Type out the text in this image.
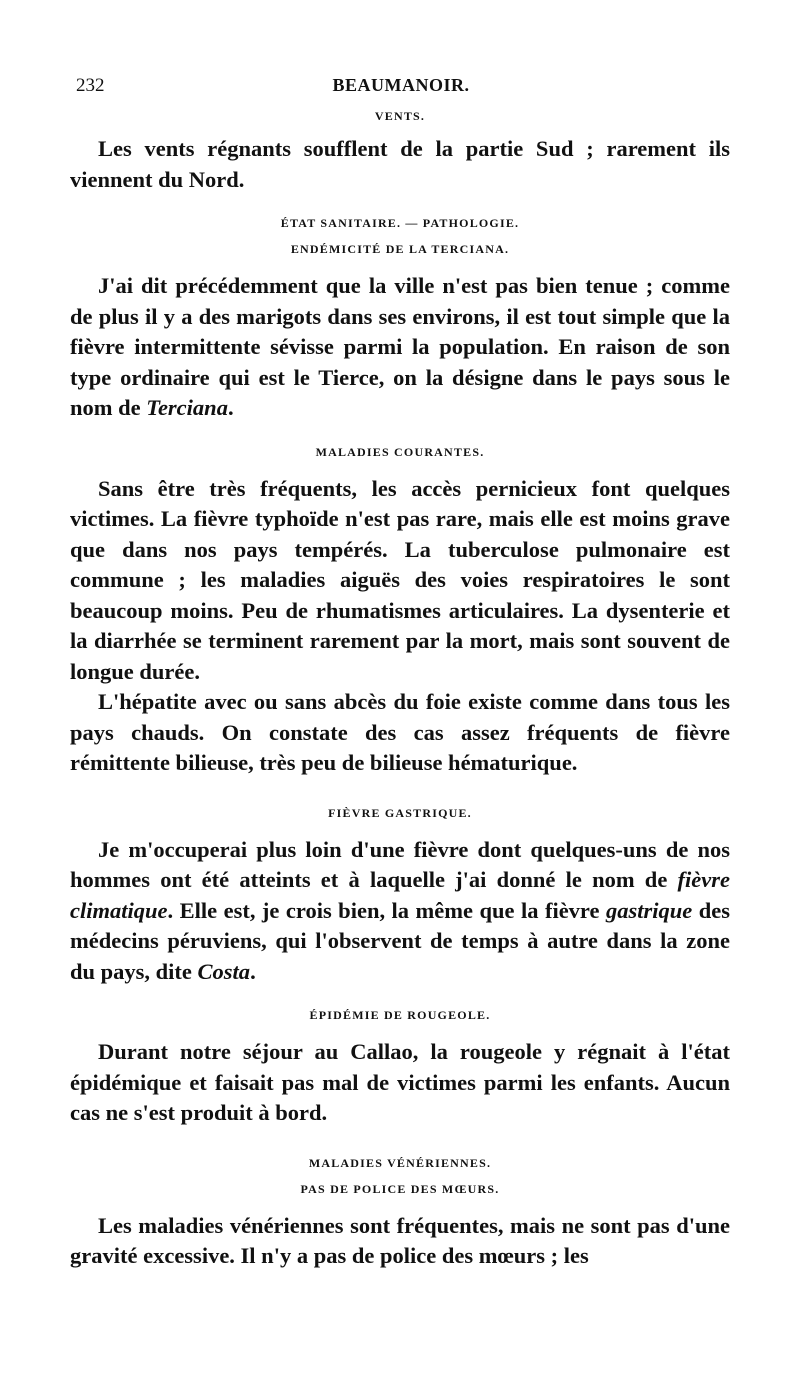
232	BEAUMANOIR.

VENTS.

Les vents régnants soufflent de la partie Sud ; rarement ils viennent du Nord.

ÉTAT SANITAIRE. — PATHOLOGIE.

ENDÉMICITÉ DE LA TERCIANA.

J'ai dit précédemment que la ville n'est pas bien tenue ; comme de plus il y a des marigots dans ses environs, il est tout simple que la fièvre intermittente sévisse parmi la population. En raison de son type ordinaire qui est le Tierce, on la désigne dans le pays sous le nom de Terciana.

MALADIES COURANTES.

Sans être très fréquents, les accès pernicieux font quelques victimes. La fièvre typhoïde n'est pas rare, mais elle est moins grave que dans nos pays tempérés. La tuberculose pulmonaire est commune ; les maladies aiguës des voies respiratoires le sont beaucoup moins. Peu de rhumatismes articulaires. La dysenterie et la diarrhée se terminent rarement par la mort, mais sont souvent de longue durée.

L'hépatite avec ou sans abcès du foie existe comme dans tous les pays chauds. On constate des cas assez fréquents de fièvre rémittente bilieuse, très peu de bilieuse hématurique.

FIÈVRE GASTRIQUE.

Je m'occuperai plus loin d'une fièvre dont quelques-uns de nos hommes ont été atteints et à laquelle j'ai donné le nom de fièvre climatique. Elle est, je crois bien, la même que la fièvre gastrique des médecins péruviens, qui l'observent de temps à autre dans la zone du pays, dite Costa.

ÉPIDÉMIE DE ROUGEOLE.

Durant notre séjour au Callao, la rougeole y régnait à l'état épidémique et faisait pas mal de victimes parmi les enfants. Aucun cas ne s'est produit à bord.

MALADIES VÉNÉRIENNES.

PAS DE POLICE DES MŒURS.

Les maladies vénériennes sont fréquentes, mais ne sont pas d'une gravité excessive. Il n'y a pas de police des mœurs ; les
